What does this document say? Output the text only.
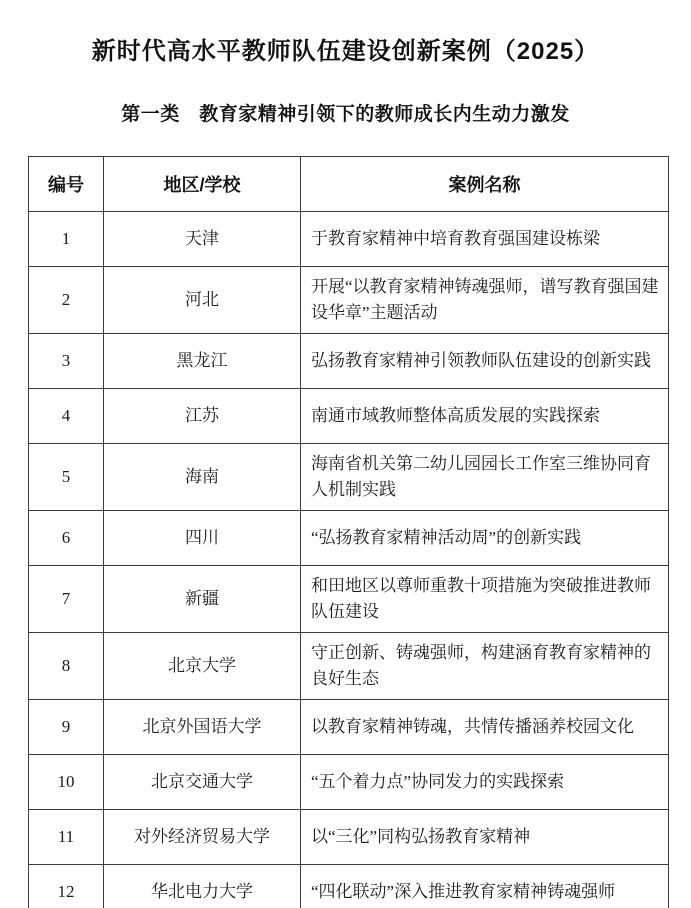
新时代高水平教师队伍建设创新案例（2025）
第一类　教育家精神引领下的教师成长内生动力激发
编号	地区/学校	案例名称
1	天津	于教育家精神中培育教育强国建设栋梁
2	河北	开展“以教育家精神铸魂强师，谱写教育强国建设华章”主题活动
3	黑龙江	弘扬教育家精神引领教师队伍建设的创新实践
4	江苏	南通市域教师整体高质发展的实践探索
5	海南	海南省机关第二幼儿园园长工作室三维协同育人机制实践
6	四川	“弘扬教育家精神活动周”的创新实践
7	新疆	和田地区以尊师重教十项措施为突破推进教师队伍建设
8	北京大学	守正创新、铸魂强师，构建涵育教育家精神的良好生态
9	北京外国语大学	以教育家精神铸魂，共情传播涵养校园文化
10	北京交通大学	“五个着力点”协同发力的实践探索
11	对外经济贸易大学	以“三化”同构弘扬教育家精神
12	华北电力大学	“四化联动”深入推进教育家精神铸魂强师
